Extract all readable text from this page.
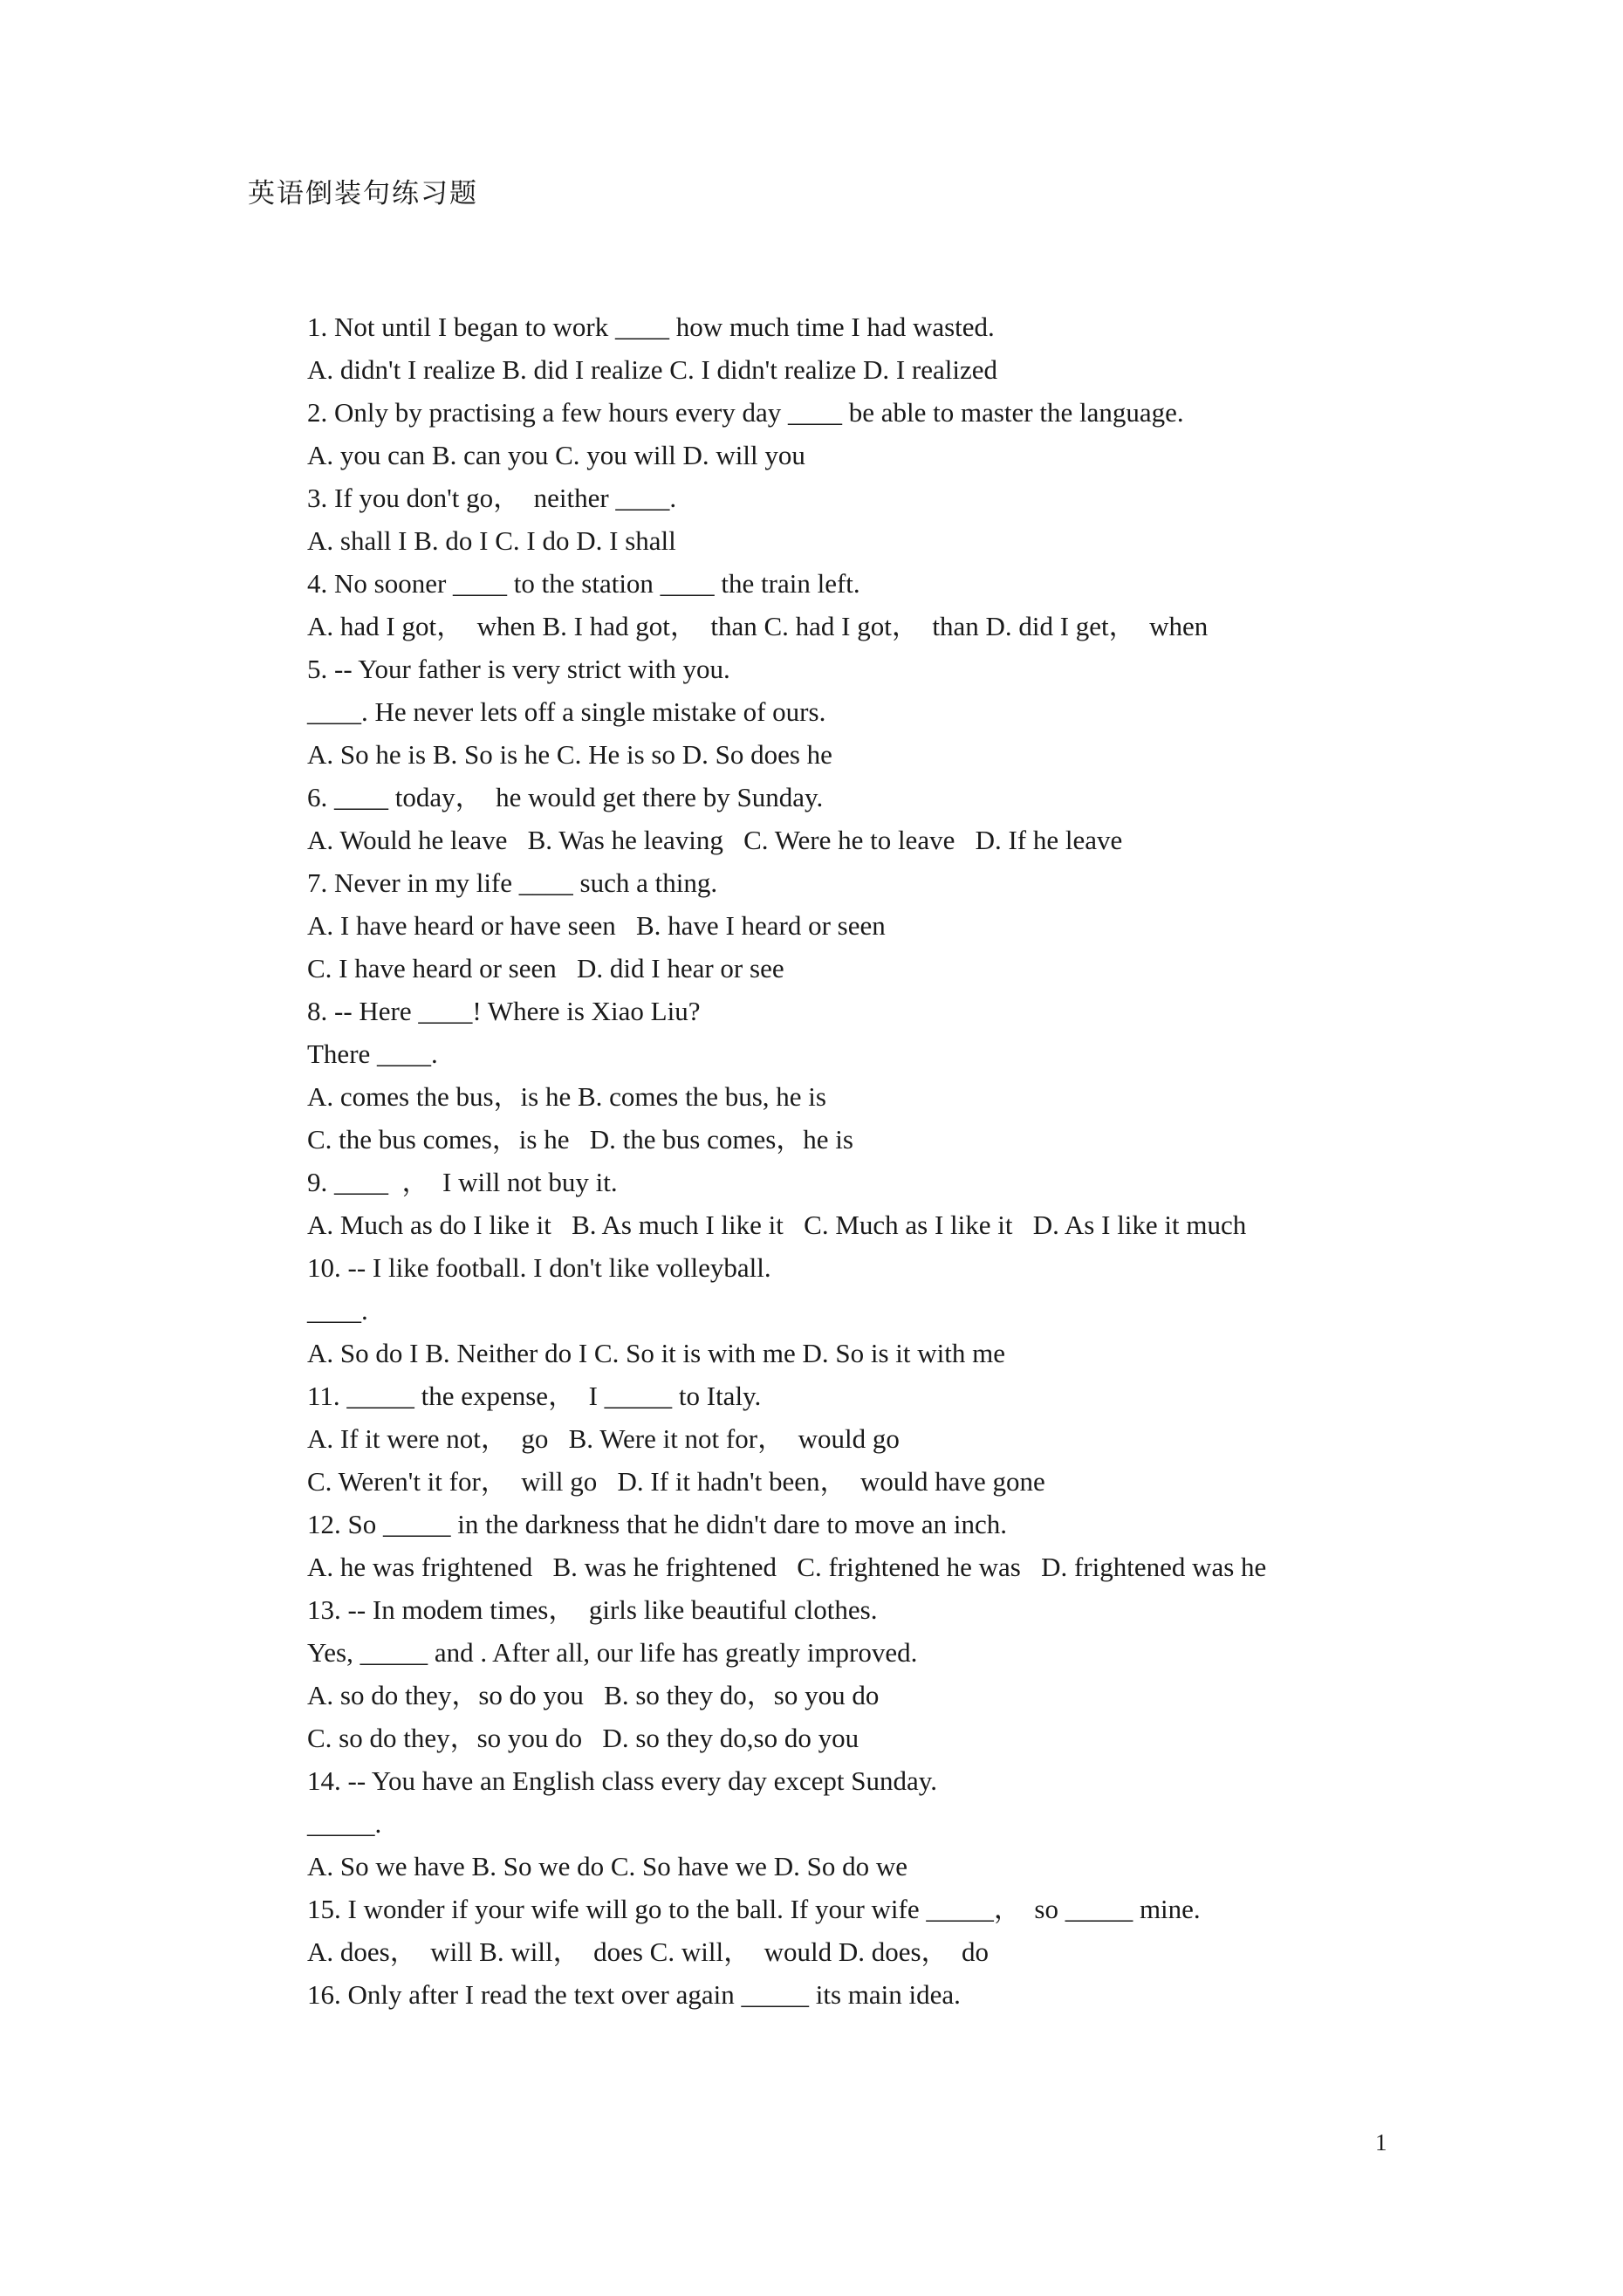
英语倒装句练习题
1. Not until I began to work ____ how much time I had wasted.
A. didn't I realize B. did I realize C. I didn't realize D. I realized
2. Only by practising a few hours every day ____ be able to master the language.
A. you can B. can you C. you will D. will you
3. If you don't go，  neither ____.
A. shall I B. do I C. I do D. I shall
4. No sooner ____ to the station ____ the train left.
A. had I got，  when B. I had got，  than C. had I got，  than D. did I get，  when
5. -- Your father is very strict with you.
____. He never lets off a single mistake of ours.
A. So he is B. So is he C. He is so D. So does he
6. ____ today，  he would get there by Sunday.
A. Would he leave   B. Was he leaving   C. Were he to leave   D. If he leave
7. Never in my life ____ such a thing.
A. I have heard or have seen   B. have I heard or seen
C. I have heard or seen   D. did I hear or see
8. -- Here ____! Where is Xiao Liu?
There ____.
A. comes the bus，is he B. comes the bus, he is
C. the bus comes，is he   D. the bus comes，he is
9. ____  ，  I will not buy it.
A. Much as do I like it   B. As much I like it   C. Much as I like it   D. As I like it much
10. -- I like football. I don't like volleyball.
____.
A. So do I B. Neither do I C. So it is with me D. So is it with me
11. _____ the expense，  I _____ to Italy.
A. If it were not，  go   B. Were it not for，  would go
C. Weren't it for，  will go   D. If it hadn't been，  would have gone
12. So _____ in the darkness that he didn't dare to move an inch.
A. he was frightened   B. was he frightened   C. frightened he was   D. frightened was he
13. -- In modem times，  girls like beautiful clothes.
Yes, _____ and . After all, our life has greatly improved.
A. so do they，so do you   B. so they do，so you do
C. so do they，so you do   D. so they do,so do you
14. -- You have an English class every day except Sunday.
_____.
A. So we have B. So we do C. So have we D. So do we
15. I wonder if your wife will go to the ball. If your wife _____，  so _____ mine.
A. does，  will B. will，  does C. will，  would D. does，  do
16. Only after I read the text over again _____ its main idea.
1
